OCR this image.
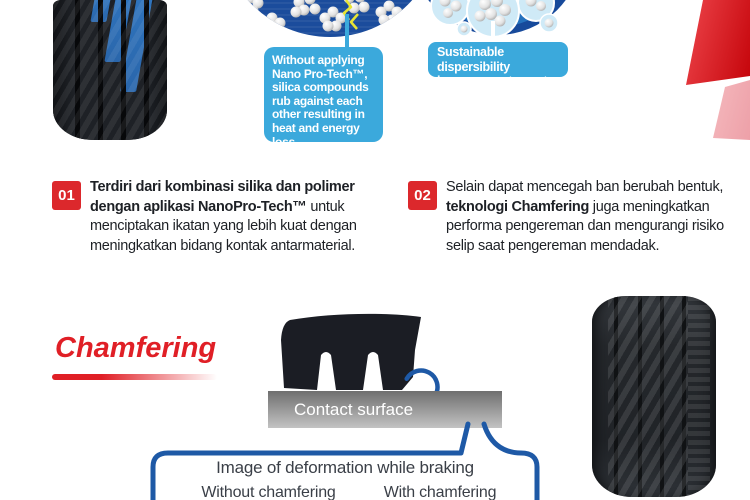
Without applying
Nano Pro-Tech™,
silica compounds
rub against each
other resulting in
heat and energy loss
Sustainable dispersibility
improvement agent
01	Terdiri dari kombinasi silika dan polimer
dengan aplikasi NanoPro-Tech™ untuk
menciptakan ikatan yang lebih kuat dengan
meningkatkan bidang kontak antarmaterial.
02	Selain dapat mencegah ban berubah bentuk,
teknologi Chamfering juga meningkatkan
performa pengereman dan mengurangi risiko
selip saat pengereman mendadak.
Chamfering
Contact surface
Image of deformation while braking
Without chamfering	With chamfering
